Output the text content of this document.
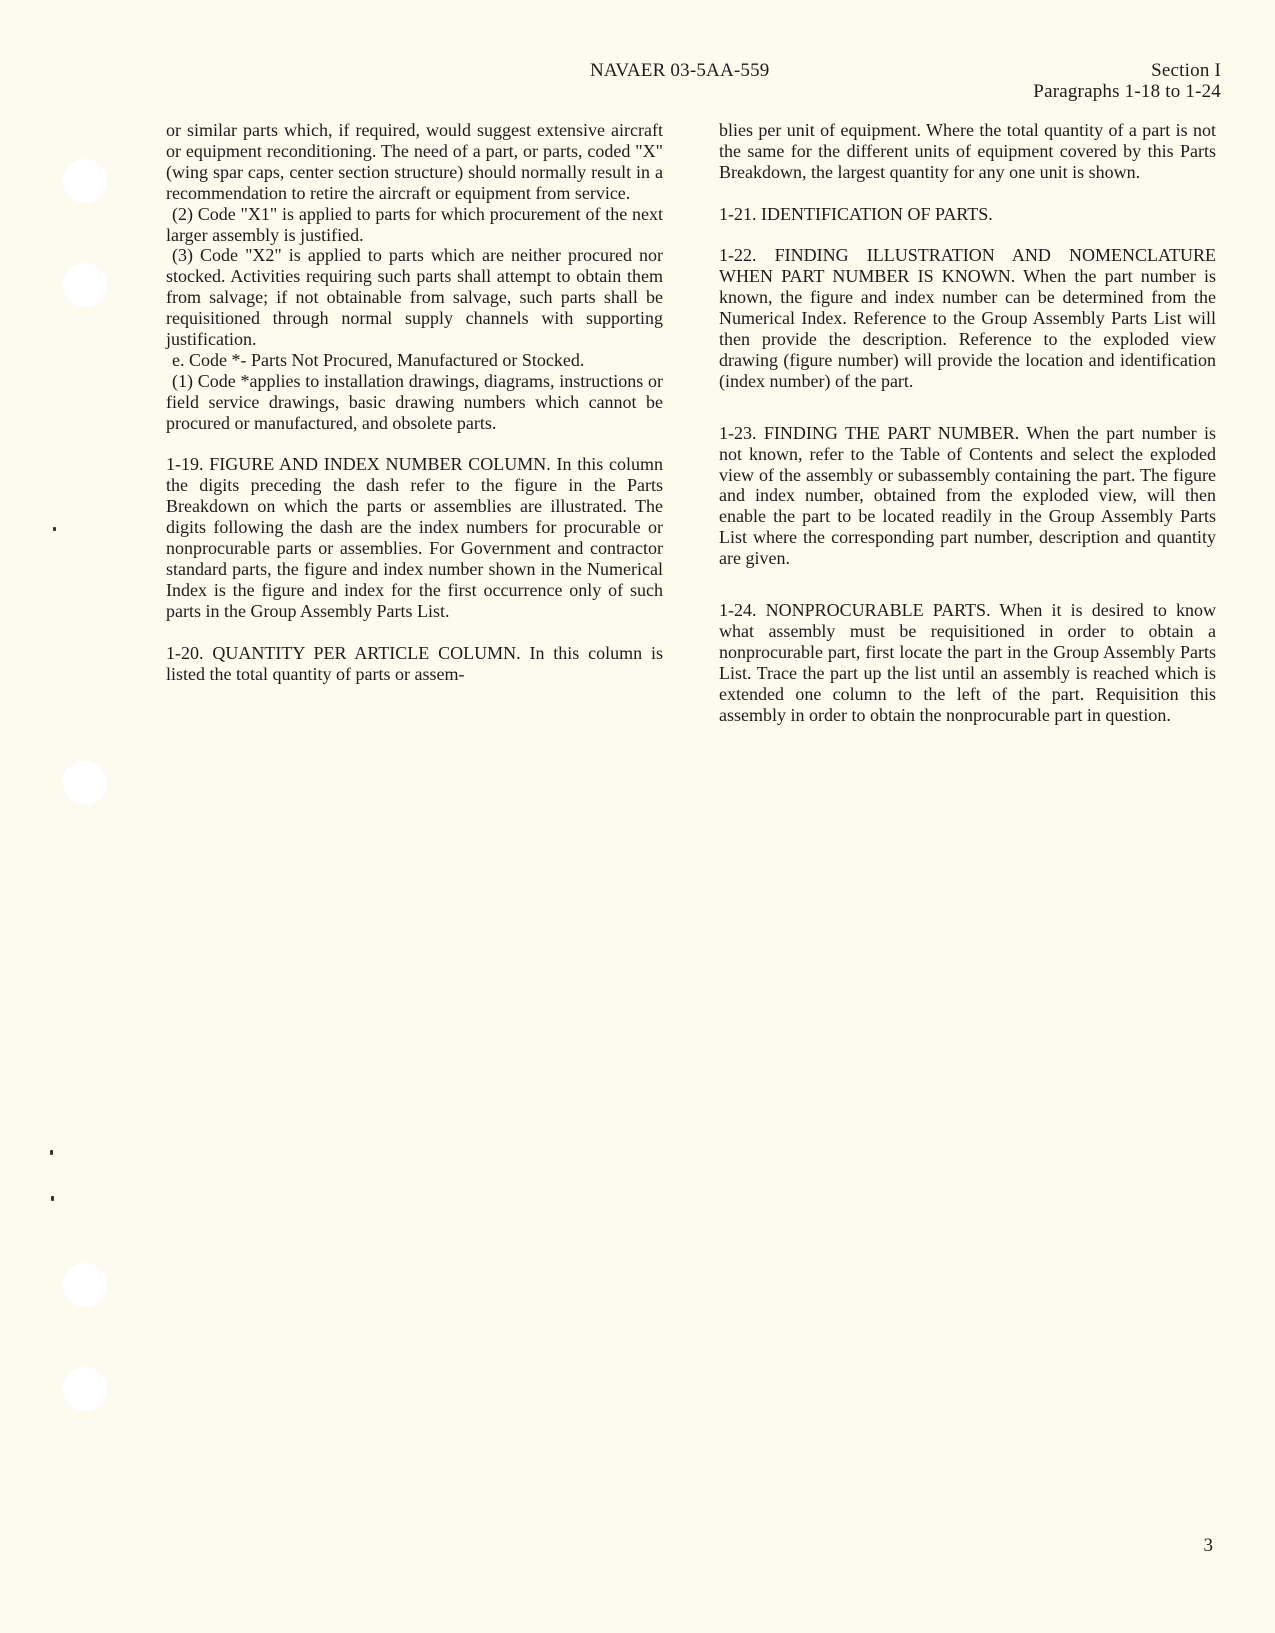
NAVAER 03-5AA-559	Section I
Paragraphs 1-18 to 1-24

or similar parts which, if required, would suggest extensive aircraft or equipment reconditioning. The need of a part, or parts, coded "X" (wing spar caps, center section structure) should normally result in a recommendation to retire the aircraft or equipment from service.

(2) Code "X1" is applied to parts for which procurement of the next larger assembly is justified.

(3) Code "X2" is applied to parts which are neither procured nor stocked. Activities requiring such parts shall attempt to obtain them from salvage; if not obtainable from salvage, such parts shall be requisitioned through normal supply channels with supporting justification.

e. Code *- Parts Not Procured, Manufactured or Stocked.

(1) Code *applies to installation drawings, diagrams, instructions or field service drawings, basic drawing numbers which cannot be procured or manufactured, and obsolete parts.

1-19. FIGURE AND INDEX NUMBER COLUMN. In this column the digits preceding the dash refer to the figure in the Parts Breakdown on which the parts or assemblies are illustrated. The digits following the dash are the index numbers for procurable or nonprocurable parts or assemblies. For Government and contractor standard parts, the figure and index number shown in the Numerical Index is the figure and index for the first occurrence only of such parts in the Group Assembly Parts List.

1-20. QUANTITY PER ARTICLE COLUMN. In this column is listed the total quantity of parts or assem-

blies per unit of equipment. Where the total quantity of a part is not the same for the different units of equipment covered by this Parts Breakdown, the largest quantity for any one unit is shown.

1-21. IDENTIFICATION OF PARTS.

1-22. FINDING ILLUSTRATION AND NOMENCLATURE WHEN PART NUMBER IS KNOWN. When the part number is known, the figure and index number can be determined from the Numerical Index. Reference to the Group Assembly Parts List will then provide the description. Reference to the exploded view drawing (figure number) will provide the location and identification (index number) of the part.

1-23. FINDING THE PART NUMBER. When the part number is not known, refer to the Table of Contents and select the exploded view of the assembly or subassembly containing the part. The figure and index number, obtained from the exploded view, will then enable the part to be located readily in the Group Assembly Parts List where the corresponding part number, description and quantity are given.

1-24. NONPROCURABLE PARTS. When it is desired to know what assembly must be requisitioned in order to obtain a nonprocurable part, first locate the part in the Group Assembly Parts List. Trace the part up the list until an assembly is reached which is extended one column to the left of the part. Requisition this assembly in order to obtain the nonprocurable part in question.

3
